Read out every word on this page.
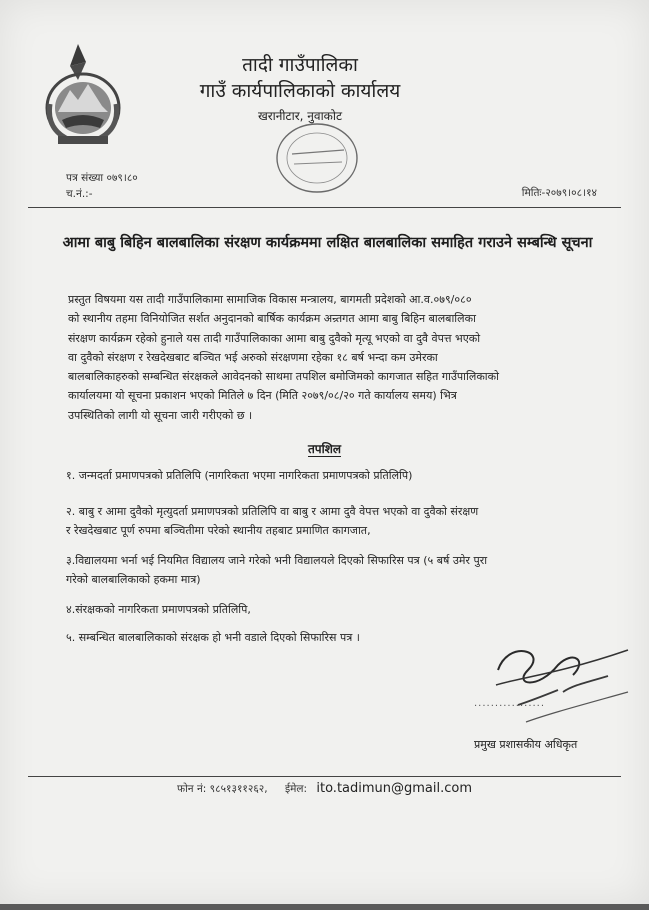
तादी गाउँपालिका
गाउँ कार्यपालिकाको कार्यालय
खरानीटार, नुवाकोट
पत्र संख्या ०७९।८०
च.नं.:-	मितिः-२०७९।०८।१४
आमा बाबु बिहिन बालबालिका संरक्षण कार्यक्रममा लक्षित बालबालिका समाहित गराउने सम्बन्धि सूचना
प्रस्तुत विषयमा यस तादी गाउँपालिकामा सामाजिक विकास मन्त्रालय, बागमती प्रदेशको आ.व.०७९/०८०
को स्थानीय तहमा विनियोजित सर्शत अनुदानको बार्षिक कार्यक्रम अन्र्तगत आमा बाबु बिहिन बालबालिका
संरक्षण कार्यक्रम रहेको हुनाले यस तादी गाउँपालिकाका आमा बाबु दुवैको मृत्यू भएको वा दुवै वेपत्त भएको
वा दुवैको संरक्षण र रेखदेखबाट बञ्चित भई अरुको संरक्षणमा रहेका १८ बर्ष भन्दा कम उमेरका
बालबालिकाहरुको सम्बन्धित संरक्षकले आवेदनको साथमा तपशिल बमोजिमको कागजात सहित गाउँपालिकाको
कार्यालयमा यो सूचना प्रकाशन भएको मितिले ७ दिन (मिति २०७९/०८/२० गते कार्यालय समय) भित्र
उपस्थितिको लागी यो सूचना जारी गरीएको छ ।
तपशिल
१. जन्मदर्ता प्रमाणपत्रको प्रतिलिपि (नागरिकता भएमा नागरिकता प्रमाणपत्रको प्रतिलिपि)
२. बाबु र आमा दुवैको मृत्युदर्ता प्रमाणपत्रको प्रतिलिपि वा बाबु र आमा दुवै वेपत्त भएको वा दुवैको संरक्षण
र रेखदेखबाट पूर्ण रुपमा बञ्चितीमा परेको स्थानीय तहबाट प्रमाणित कागजात,
३.विद्यालयमा भर्ना भई नियमित विद्यालय जाने गरेको भनी विद्यालयले दिएको सिफारिस पत्र (५ बर्ष उमेर पुरा
गरेको बालबालिकाको हकमा मात्र)
४.संरक्षकको नागरिकता प्रमाणपत्रको प्रतिलिपि,
५. सम्बन्धित बालबालिकाको संरक्षक हो भनी वडाले दिएको सिफारिस पत्र ।
.................
प्रमुख प्रशासकीय अधिकृत
फोन नं: ९८५१३११२६२, ईमेल: ito.tadimun@gmail.com
